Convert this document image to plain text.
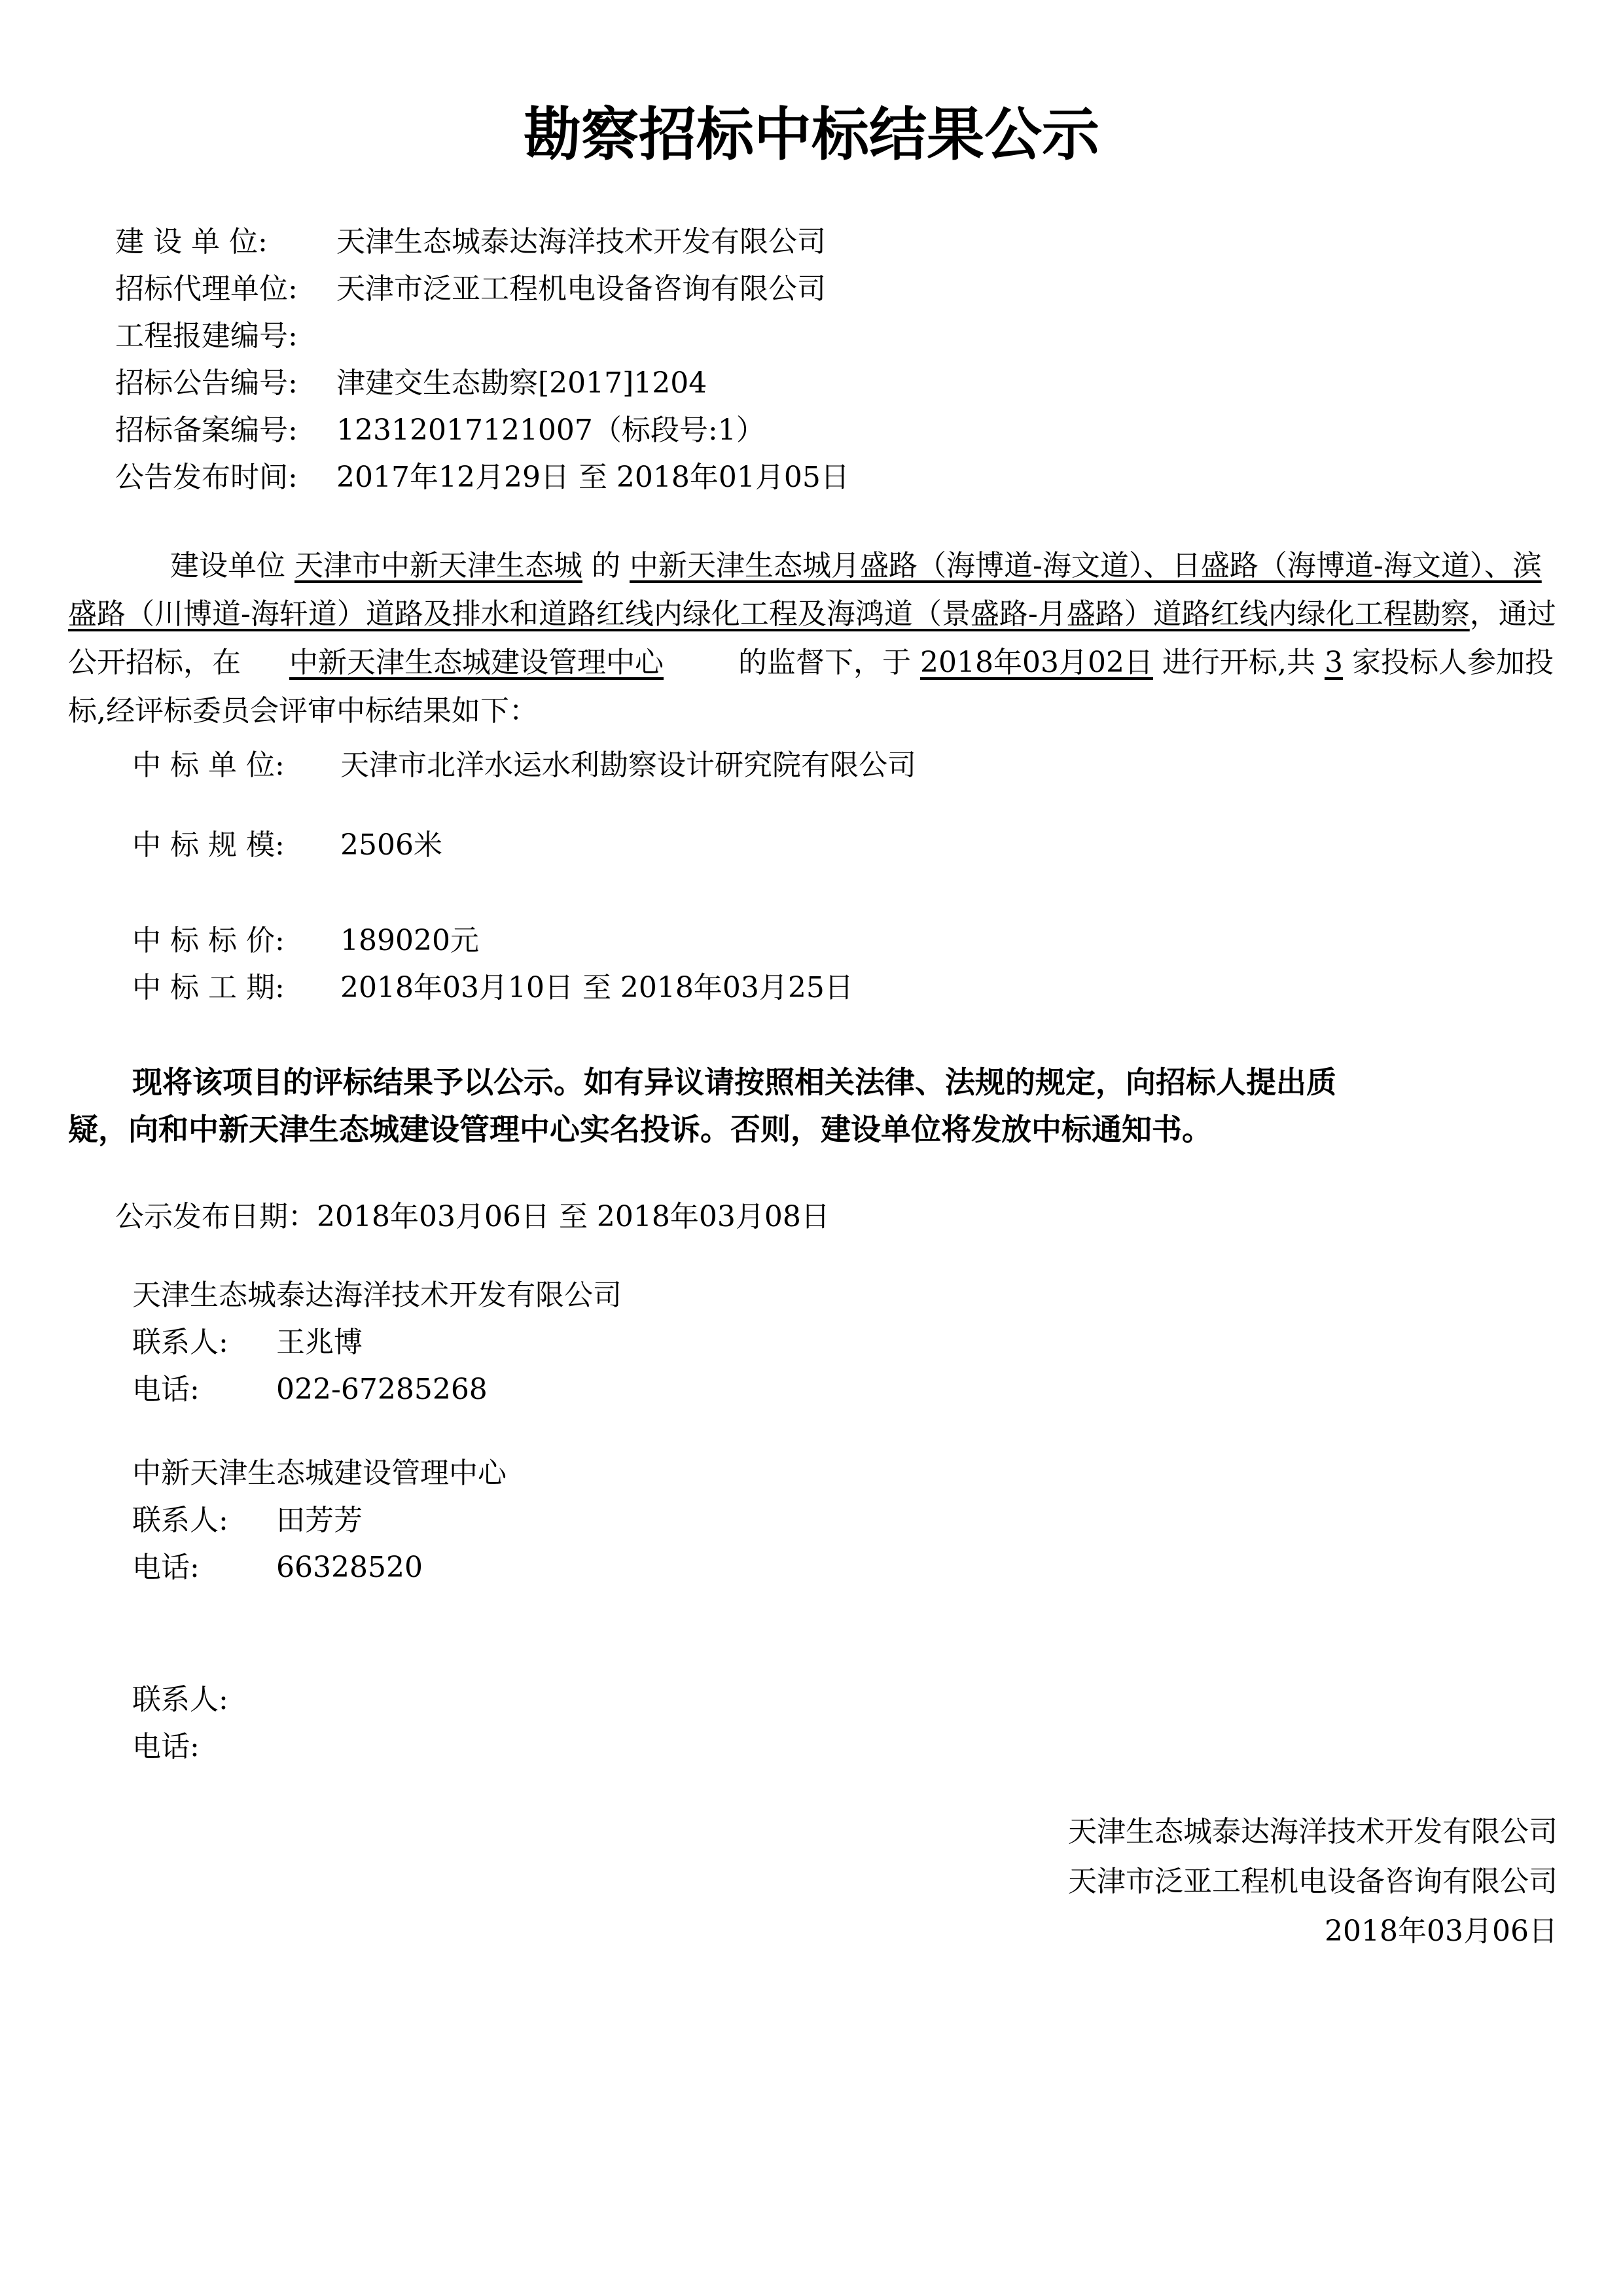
勘察招标中标结果公示
建 设 单 位: 天津生态城泰达海洋技术开发有限公司
招标代理单位: 天津市泛亚工程机电设备咨询有限公司
工程报建编号:
招标公告编号: 津建交生态勘察[2017]1204
招标备案编号: 12312017121007（标段号:1）
公告发布时间: 2017年12月29日 至 2018年01月05日
建设单位 天津市中新天津生态城 的 中新天津生态城月盛路（海博道-海文道）、日盛路（海博道-海文道）、滨盛路（川博道-海轩道）道路及排水和道路红线内绿化工程及海鸿道（景盛路-月盛路）道路红线内绿化工程勘察，通过公开招标，在 中新天津生态城建设管理中心	的监督下，于 2018年03月02日 进行开标,共 3 家投标人参加投标,经评标委员会评审中标结果如下：
中 标 单 位: 天津市北洋水运水利勘察设计研究院有限公司
中 标 规 模: 2506米
中 标 标 价: 189020元
中 标 工 期: 2018年03月10日 至 2018年03月25日
现将该项目的评标结果予以公示。如有异议请按照相关法律、法规的规定，向招标人提出质
疑，向和中新天津生态城建设管理中心实名投诉。否则，建设单位将发放中标通知书。
公示发布日期：2018年03月06日 至 2018年03月08日
天津生态城泰达海洋技术开发有限公司
联系人: 王兆博
电话:	022-67285268
中新天津生态城建设管理中心
联系人: 田芳芳
电话:	66328520
联系人:
电话:
天津生态城泰达海洋技术开发有限公司
天津市泛亚工程机电设备咨询有限公司
2018年03月06日
